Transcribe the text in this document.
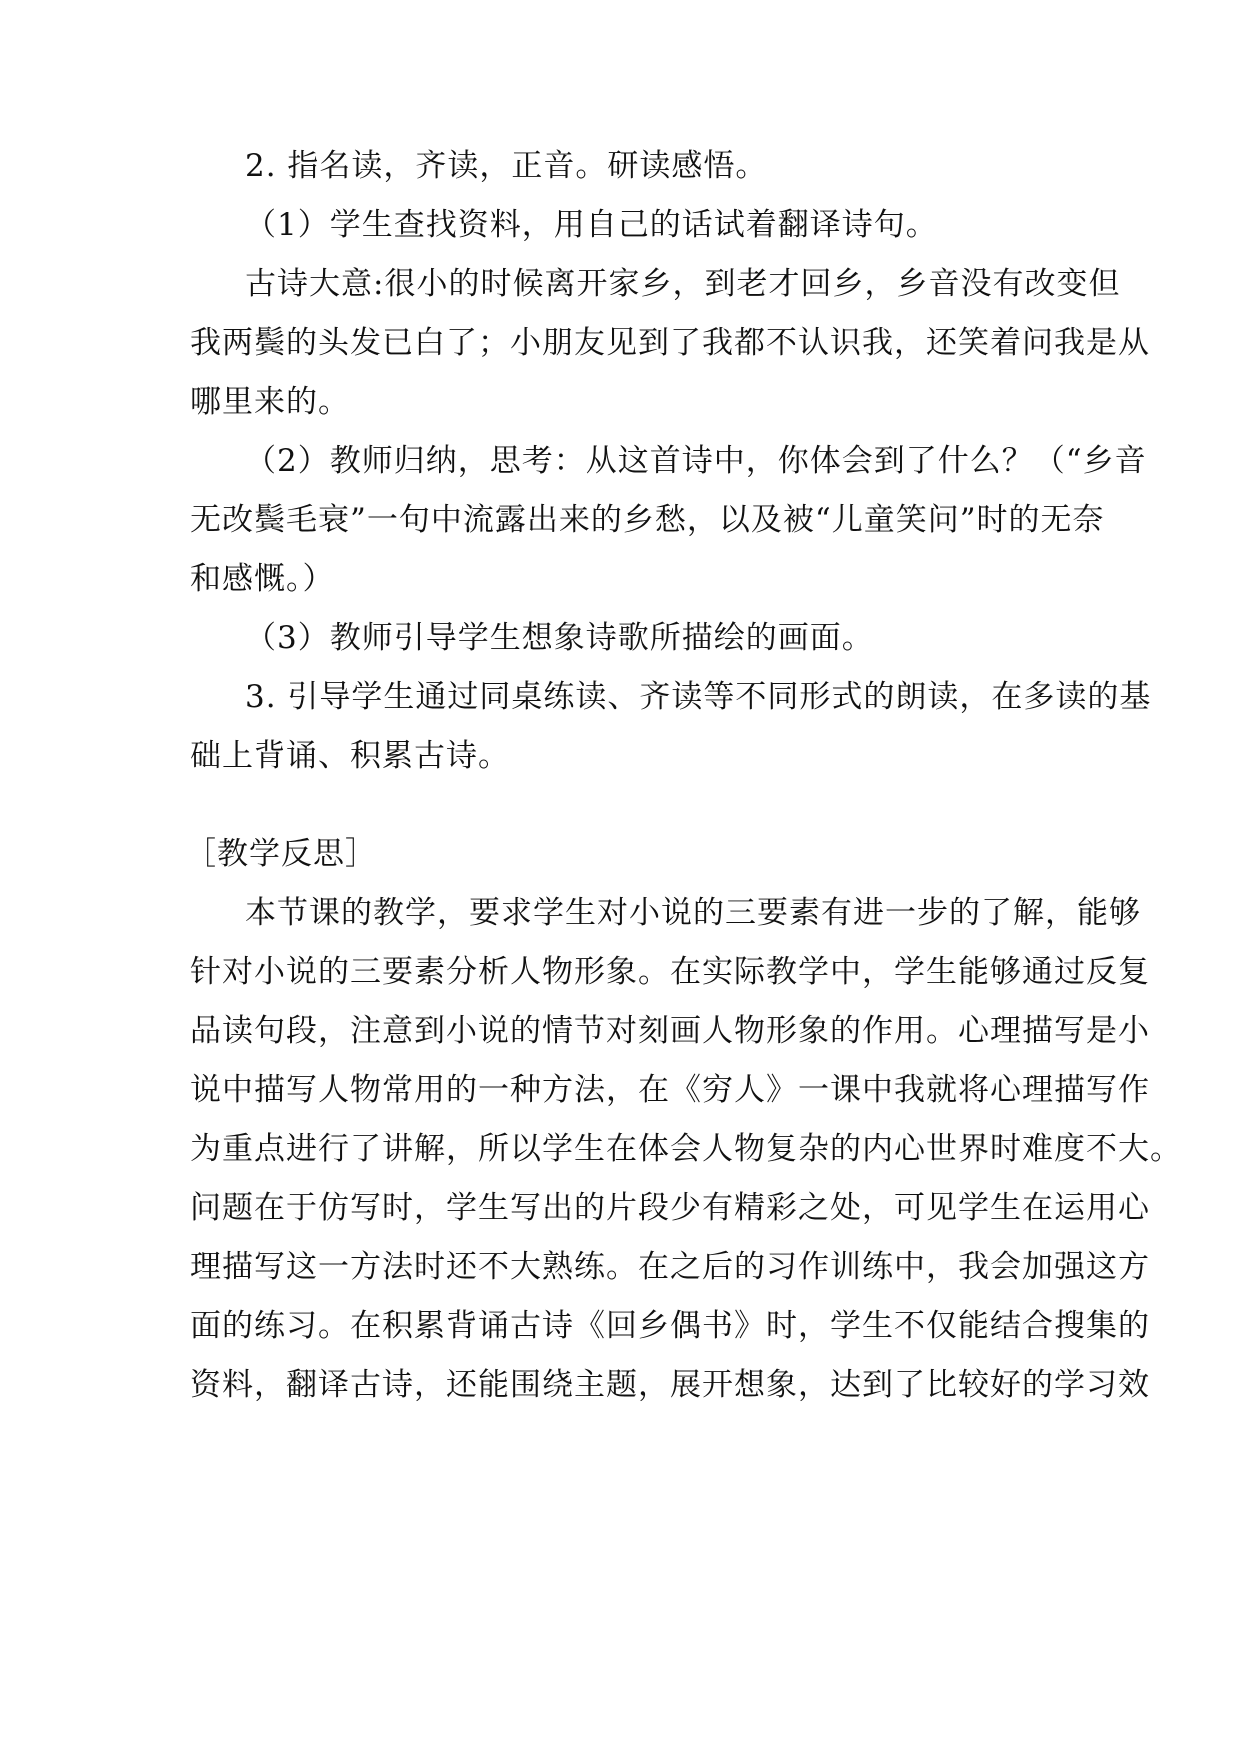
2. 指名读，齐读，正音。研读感悟。
（1）学生查找资料，用自己的话试着翻译诗句。
古诗大意:很小的时候离开家乡，到老才回乡，乡音没有改变但
我两鬓的头发已白了；小朋友见到了我都不认识我，还笑着问我是从
哪里来的。
（2）教师归纳，思考：从这首诗中，你体会到了什么？（“乡音
无改鬓毛衰”一句中流露出来的乡愁，以及被“儿童笑问”时的无奈
和感慨。）
（3）教师引导学生想象诗歌所描绘的画面。
3. 引导学生通过同桌练读、齐读等不同形式的朗读，在多读的基
础上背诵、积累古诗。
［教学反思］
本节课的教学，要求学生对小说的三要素有进一步的了解，能够
针对小说的三要素分析人物形象。在实际教学中，学生能够通过反复
品读句段，注意到小说的情节对刻画人物形象的作用。心理描写是小
说中描写人物常用的一种方法，在《穷人》一课中我就将心理描写作
为重点进行了讲解，所以学生在体会人物复杂的内心世界时难度不大。
问题在于仿写时，学生写出的片段少有精彩之处，可见学生在运用心
理描写这一方法时还不大熟练。在之后的习作训练中，我会加强这方
面的练习。在积累背诵古诗《回乡偶书》时，学生不仅能结合搜集的
资料，翻译古诗，还能围绕主题，展开想象，达到了比较好的学习效
